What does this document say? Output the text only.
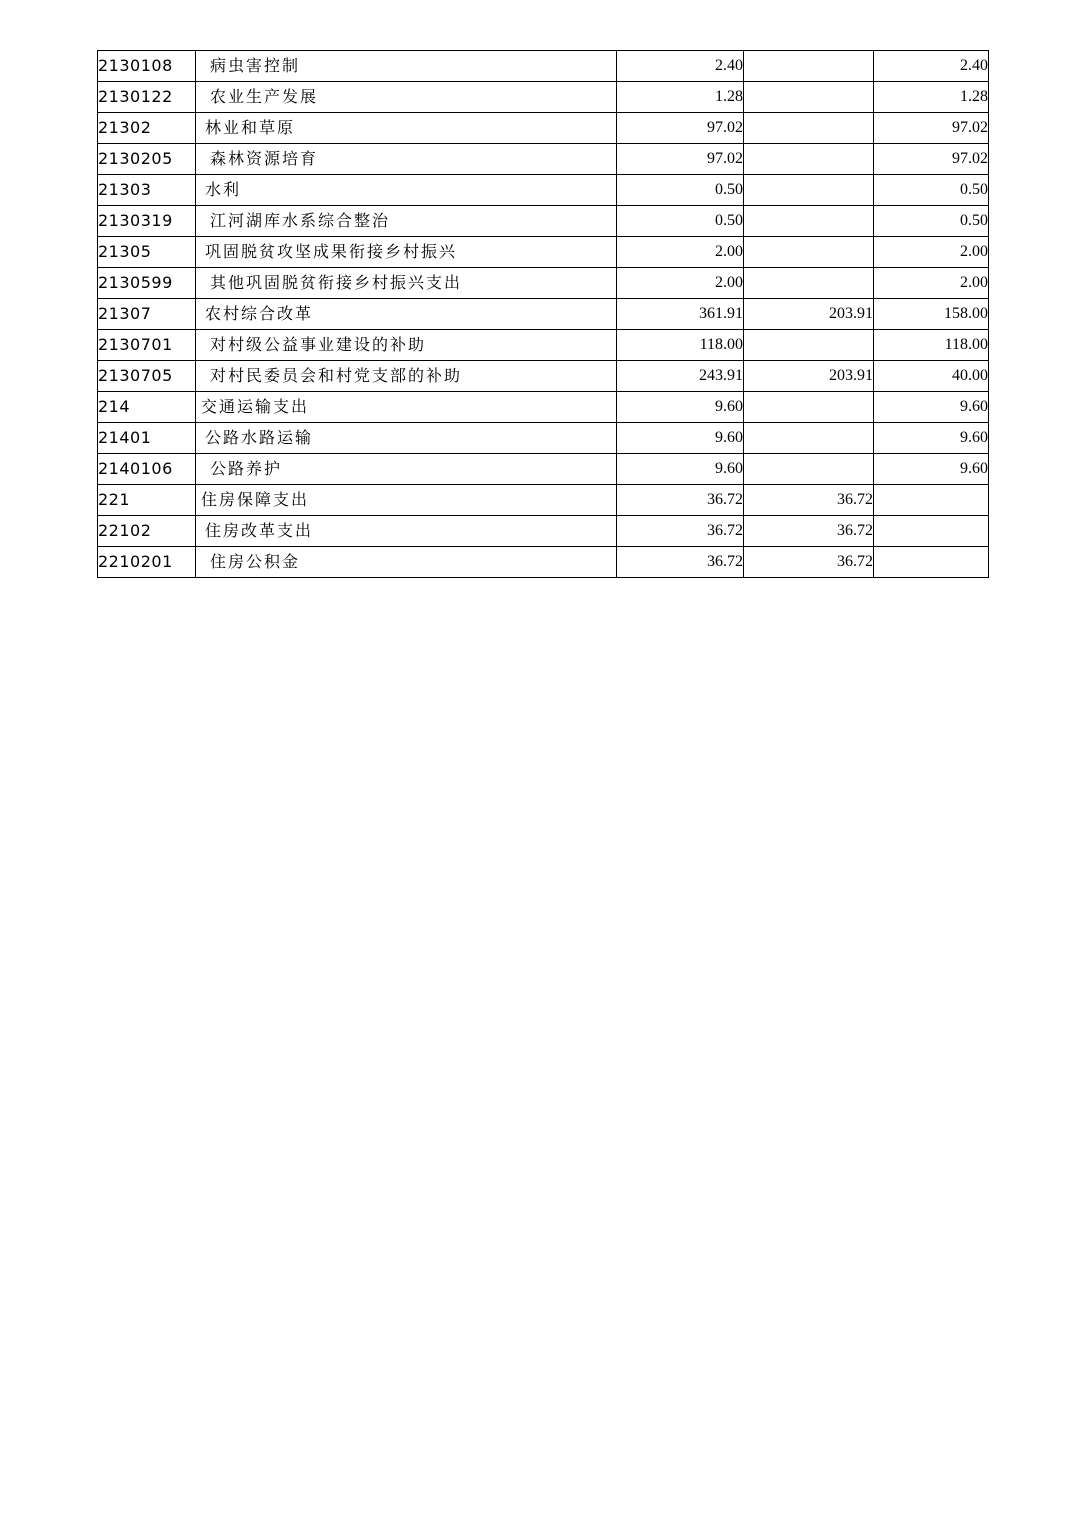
2130108	病虫害控制	2.40		2.40
2130122	农业生产发展	1.28		1.28
21302	林业和草原	97.02		97.02
2130205	森林资源培育	97.02		97.02
21303	水利	0.50		0.50
2130319	江河湖库水系综合整治	0.50		0.50
21305	巩固脱贫攻坚成果衔接乡村振兴	2.00		2.00
2130599	其他巩固脱贫衔接乡村振兴支出	2.00		2.00
21307	农村综合改革	361.91	203.91	158.00
2130701	对村级公益事业建设的补助	118.00		118.00
2130705	对村民委员会和村党支部的补助	243.91	203.91	40.00
214	交通运输支出	9.60		9.60
21401	公路水路运输	9.60		9.60
2140106	公路养护	9.60		9.60
221	住房保障支出	36.72	36.72	
22102	住房改革支出	36.72	36.72	
2210201	住房公积金	36.72	36.72	
